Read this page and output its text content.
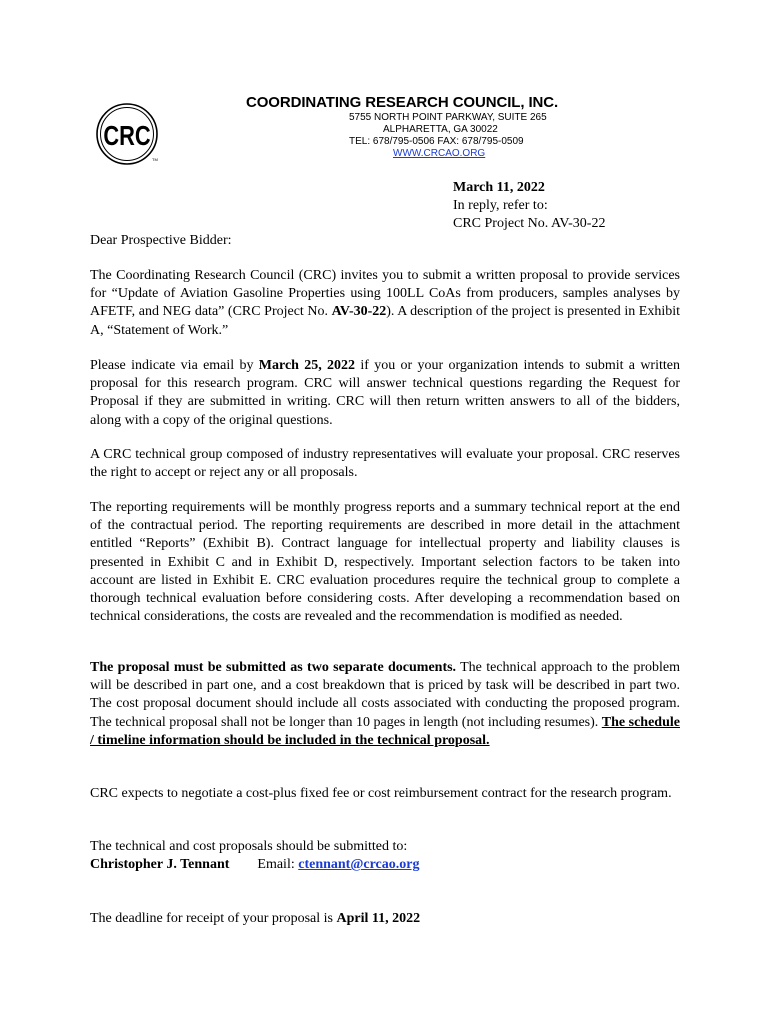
CRC
TM
COORDINATING RESEARCH COUNCIL, INC.
5755 NORTH POINT PARKWAY, SUITE 265
ALPHARETTA, GA 30022
TEL: 678/795-0506 FAX: 678/795-0509
WWW.CRCAO.ORG
March 11, 2022
In reply, refer to:
CRC Project No. AV-30-22
Dear Prospective Bidder:
The Coordinating Research Council (CRC) invites you to submit a written proposal to provide services for “Update of Aviation Gasoline Properties using 100LL CoAs from producers, samples analyses by AFETF, and NEG data” (CRC Project No. AV-30-22). A description of the project is presented in Exhibit A, “Statement of Work.”
Please indicate via email by March 25, 2022 if you or your organization intends to submit a written proposal for this research program. CRC will answer technical questions regarding the Request for Proposal if they are submitted in writing. CRC will then return written answers to all of the bidders, along with a copy of the original questions.
A CRC technical group composed of industry representatives will evaluate your proposal. CRC reserves the right to accept or reject any or all proposals.
The reporting requirements will be monthly progress reports and a summary technical report at the end of the contractual period. The reporting requirements are described in more detail in the attachment entitled “Reports” (Exhibit B). Contract language for intellectual property and liability clauses is presented in Exhibit C and in Exhibit D, respectively. Important selection factors to be taken into account are listed in Exhibit E. CRC evaluation procedures require the technical group to complete a thorough technical evaluation before considering costs. After developing a recommendation based on technical considerations, the costs are revealed and the recommendation is modified as needed.
The proposal must be submitted as two separate documents. The technical approach to the problem will be described in part one, and a cost breakdown that is priced by task will be described in part two. The cost proposal document should include all costs associated with conducting the proposed program. The technical proposal shall not be longer than 10 pages in length (not including resumes). The schedule / timeline information should be included in the technical proposal.
CRC expects to negotiate a cost-plus fixed fee or cost reimbursement contract for the research program.
The technical and cost proposals should be submitted to:
Christopher J. Tennant Email: ctennant@crcao.org
The deadline for receipt of your proposal is April 11, 2022
